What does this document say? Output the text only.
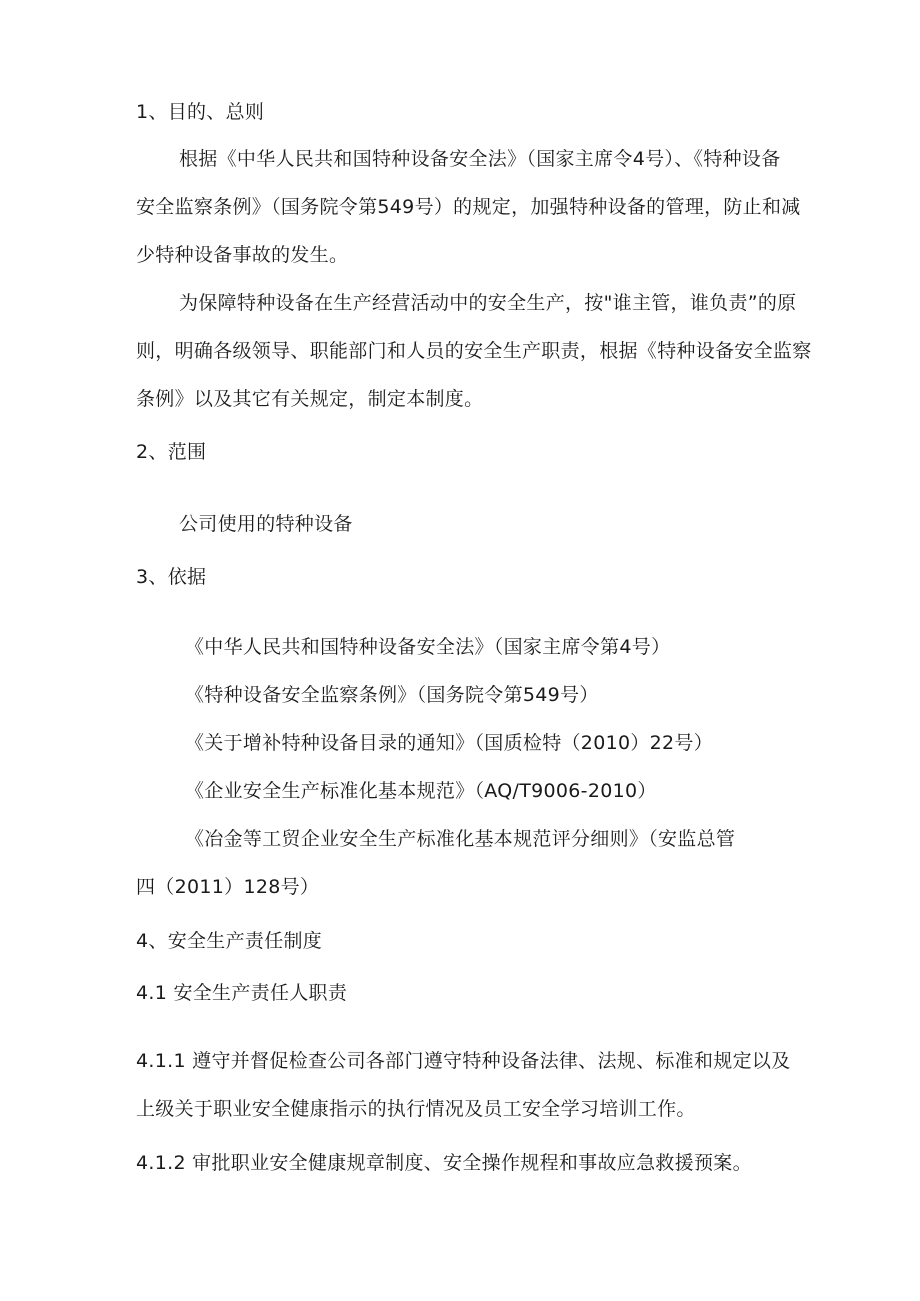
1、目的、总则
根据《中华人民共和国特种设备安全法》（国家主席令4号）、《特种设备
安全监察条例》（国务院令第549号）的规定，加强特种设备的管理，防止和减
少特种设备事故的发生。
为保障特种设备在生产经营活动中的安全生产，按"谁主管，谁负责”的原
则，明确各级领导、职能部门和人员的安全生产职责，根据《特种设备安全监察
条例》以及其它有关规定，制定本制度。
2、范围
公司使用的特种设备
3、依据
《中华人民共和国特种设备安全法》（国家主席令第4号）
《特种设备安全监察条例》（国务院令第549号）
《关于增补特种设备目录的通知》（国质检特（2010）22号）
《企业安全生产标准化基本规范》（AQ/T9006-2010）
《冶金等工贸企业安全生产标准化基本规范评分细则》（安监总管
四（2011）128号）
4、安全生产责任制度
4.1 安全生产责任人职责
4.1.1 遵守并督促检查公司各部门遵守特种设备法律、法规、标准和规定以及
上级关于职业安全健康指示的执行情况及员工安全学习培训工作。
4.1.2 审批职业安全健康规章制度、安全操作规程和事故应急救援预案。
